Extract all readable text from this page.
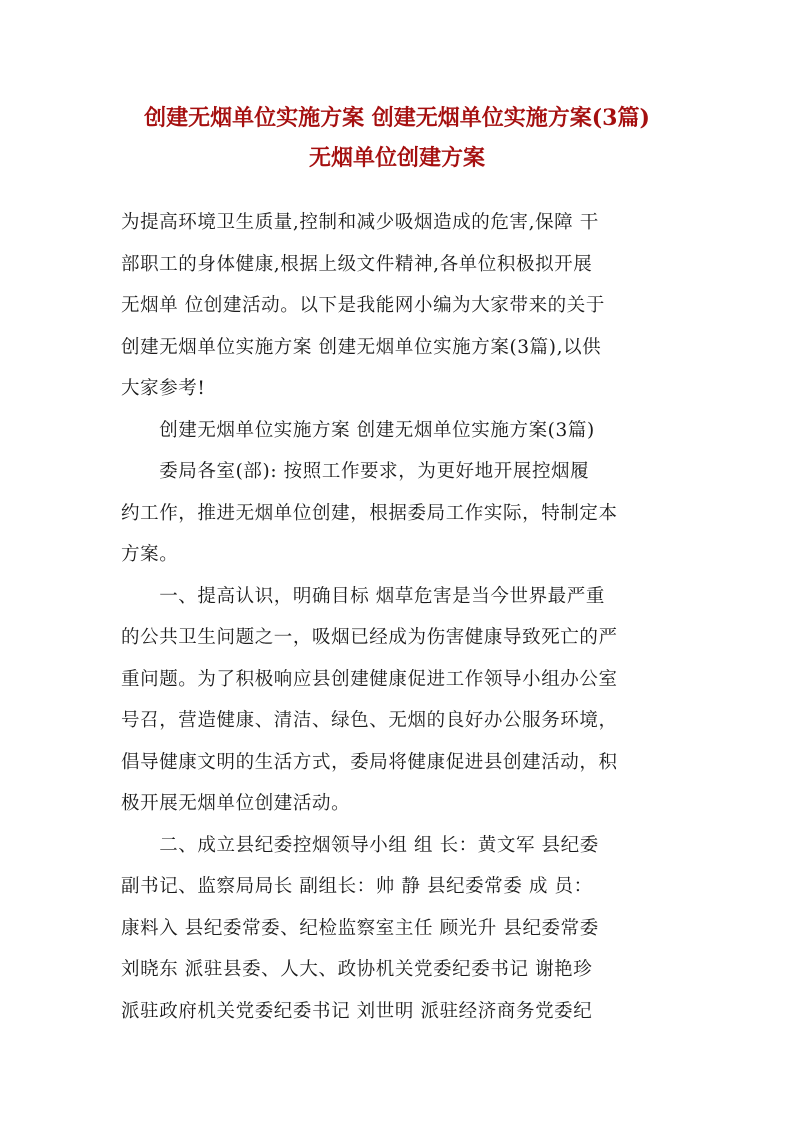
创建无烟单位实施方案 创建无烟单位实施方案(3篇)
无烟单位创建方案
为提高环境卫生质量,控制和减少吸烟造成的危害,保障 干
部职工的身体健康,根据上级文件精神,各单位积极拟开展
无烟单 位创建活动。以下是我能网小编为大家带来的关于
创建无烟单位实施方案 创建无烟单位实施方案(3篇),以供
大家参考!
　　创建无烟单位实施方案 创建无烟单位实施方案(3篇)
　　委局各室(部): 按照工作要求，为更好地开展控烟履
约工作，推进无烟单位创建，根据委局工作实际，特制定本
方案。
　　一、提高认识，明确目标 烟草危害是当今世界最严重
的公共卫生问题之一，吸烟已经成为伤害健康导致死亡的严
重问题。为了积极响应县创建健康促进工作领导小组办公室
号召，营造健康、清洁、绿色、无烟的良好办公服务环境，
倡导健康文明的生活方式，委局将健康促进县创建活动，积
极开展无烟单位创建活动。
　　二、成立县纪委控烟领导小组 组 长：黄文军 县纪委
副书记、监察局局长 副组长：帅 静 县纪委常委 成 员：
康料入 县纪委常委、纪检监察室主任 顾光升 县纪委常委
刘晓东 派驻县委、人大、政协机关党委纪委书记 谢艳珍
派驻政府机关党委纪委书记 刘世明 派驻经济商务党委纪
